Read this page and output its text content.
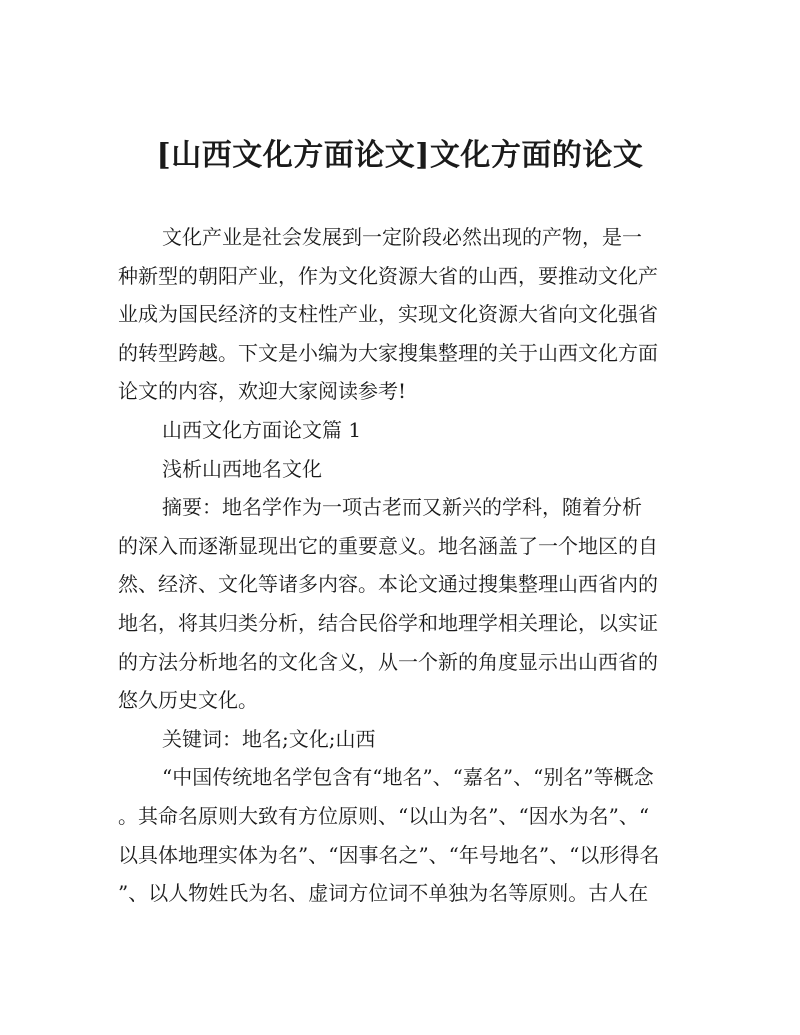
[山西文化方面论文]文化方面的论文
文化产业是社会发展到一定阶段必然出现的产物，是一
种新型的朝阳产业，作为文化资源大省的山西，要推动文化产
业成为国民经济的支柱性产业，实现文化资源大省向文化强省
的转型跨越。下文是小编为大家搜集整理的关于山西文化方面
论文的内容，欢迎大家阅读参考!
山西文化方面论文篇 1
浅析山西地名文化
摘要：地名学作为一项古老而又新兴的学科，随着分析
的深入而逐渐显现出它的重要意义。地名涵盖了一个地区的自
然、经济、文化等诸多内容。本论文通过搜集整理山西省内的
地名，将其归类分析，结合民俗学和地理学相关理论，以实证
的方法分析地名的文化含义，从一个新的角度显示出山西省的
悠久历史文化。
关键词：地名;文化;山西
“中国传统地名学包含有“地名”、“嘉名”、“别名”等概念
。其命名原则大致有方位原则、“以山为名”、“因水为名”、“
以具体地理实体为名”、“因事名之”、“年号地名”、“以形得名
”、以人物姓氏为名、虚词方位词不单独为名等原则。古人在
